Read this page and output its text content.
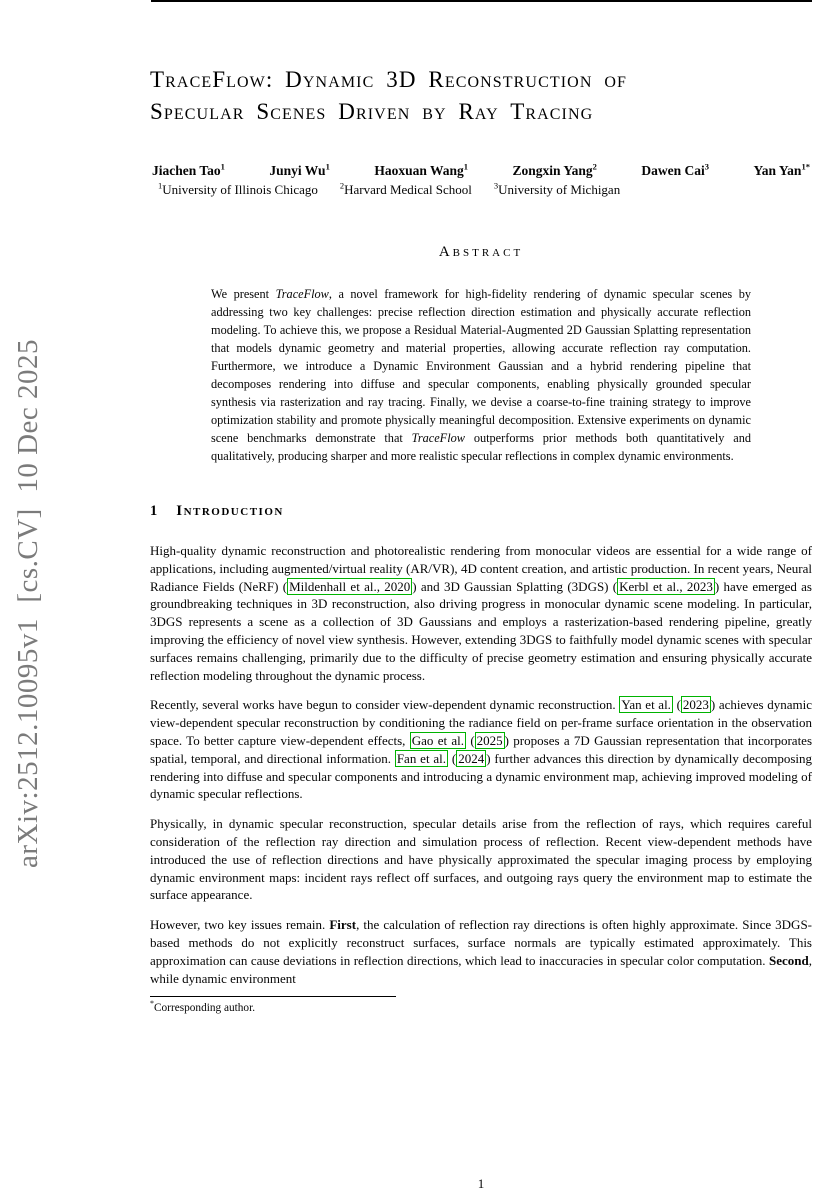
arXiv:2512.10095v1  [cs.CV]  10 Dec 2025
TraceFlow: Dynamic 3D Reconstruction of
Specular Scenes Driven by Ray Tracing
Jiachen Tao$^1$	Junyi Wu$^1$	Haoxuan Wang$^1$	Zongxin Yang$^2$	Dawen Cai$^3$	Yan Yan$^{1*}$
$^1$University of Illinois Chicago	$^2$Harvard Medical School	$^3$University of Michigan
Abstract

We present TraceFlow, a novel framework for high-fidelity rendering of dynamic specular scenes by addressing two key challenges: precise reflection direction estimation and physically accurate reflection modeling. To achieve this, we propose a Residual Material-Augmented 2D Gaussian Splatting representation that models dynamic geometry and material properties, allowing accurate reflection ray computation. Furthermore, we introduce a Dynamic Environment Gaussian and a hybrid rendering pipeline that decomposes rendering into diffuse and specular components, enabling physically grounded specular synthesis via rasterization and ray tracing. Finally, we devise a coarse-to-fine training strategy to improve optimization stability and promote physically meaningful decomposition. Extensive experiments on dynamic scene benchmarks demonstrate that TraceFlow outperforms prior methods both quantitatively and qualitatively, producing sharper and more realistic specular reflections in complex dynamic environments.

1 Introduction

High-quality dynamic reconstruction and photorealistic rendering from monocular videos are essential for a wide range of applications, including augmented/virtual reality (AR/VR), 4D content creation, and artistic production. In recent years, Neural Radiance Fields (NeRF) ( Mildenhall et al., 2020 ) and 3D Gaussian Splatting (3DGS) ( Kerbl et al., 2023 ) have emerged as groundbreaking techniques in 3D reconstruction, also driving progress in monocular dynamic scene modeling. In particular, 3DGS represents a scene as a collection of 3D Gaussians and employs a rasterization-based rendering pipeline, greatly improving the efficiency of novel view synthesis. However, extending 3DGS to faithfully model dynamic scenes with specular surfaces remains challenging, primarily due to the difficulty of precise geometry estimation and ensuring physically accurate reflection modeling throughout the dynamic process.

Recently, several works have begun to consider view-dependent dynamic reconstruction. Yan et al. ( 2023 ) achieves dynamic view-dependent specular reconstruction by conditioning the radiance field on per-frame surface orientation in the observation space. To better capture view-dependent effects, Gao et al. ( 2025 ) proposes a 7D Gaussian representation that incorporates spatial, temporal, and directional information. Fan et al. ( 2024 ) further advances this direction by dynamically decomposing rendering into diffuse and specular components and introducing a dynamic environment map, achieving improved modeling of dynamic specular reflections.

Physically, in dynamic specular reconstruction, specular details arise from the reflection of rays, which requires careful consideration of the reflection ray direction and simulation process of reflection. Recent view-dependent methods have introduced the use of reflection directions and have physically approximated the specular imaging process by employing dynamic environment maps: incident rays reflect off surfaces, and outgoing rays query the environment map to estimate the surface appearance.

However, two key issues remain. First, the calculation of reflection ray directions is often highly approximate. Since 3DGS-based methods do not explicitly reconstruct surfaces, surface normals are typically estimated approximately. This approximation can cause deviations in reflection directions, which lead to inaccuracies in specular color computation. Second, while dynamic environment

*Corresponding author.
1
